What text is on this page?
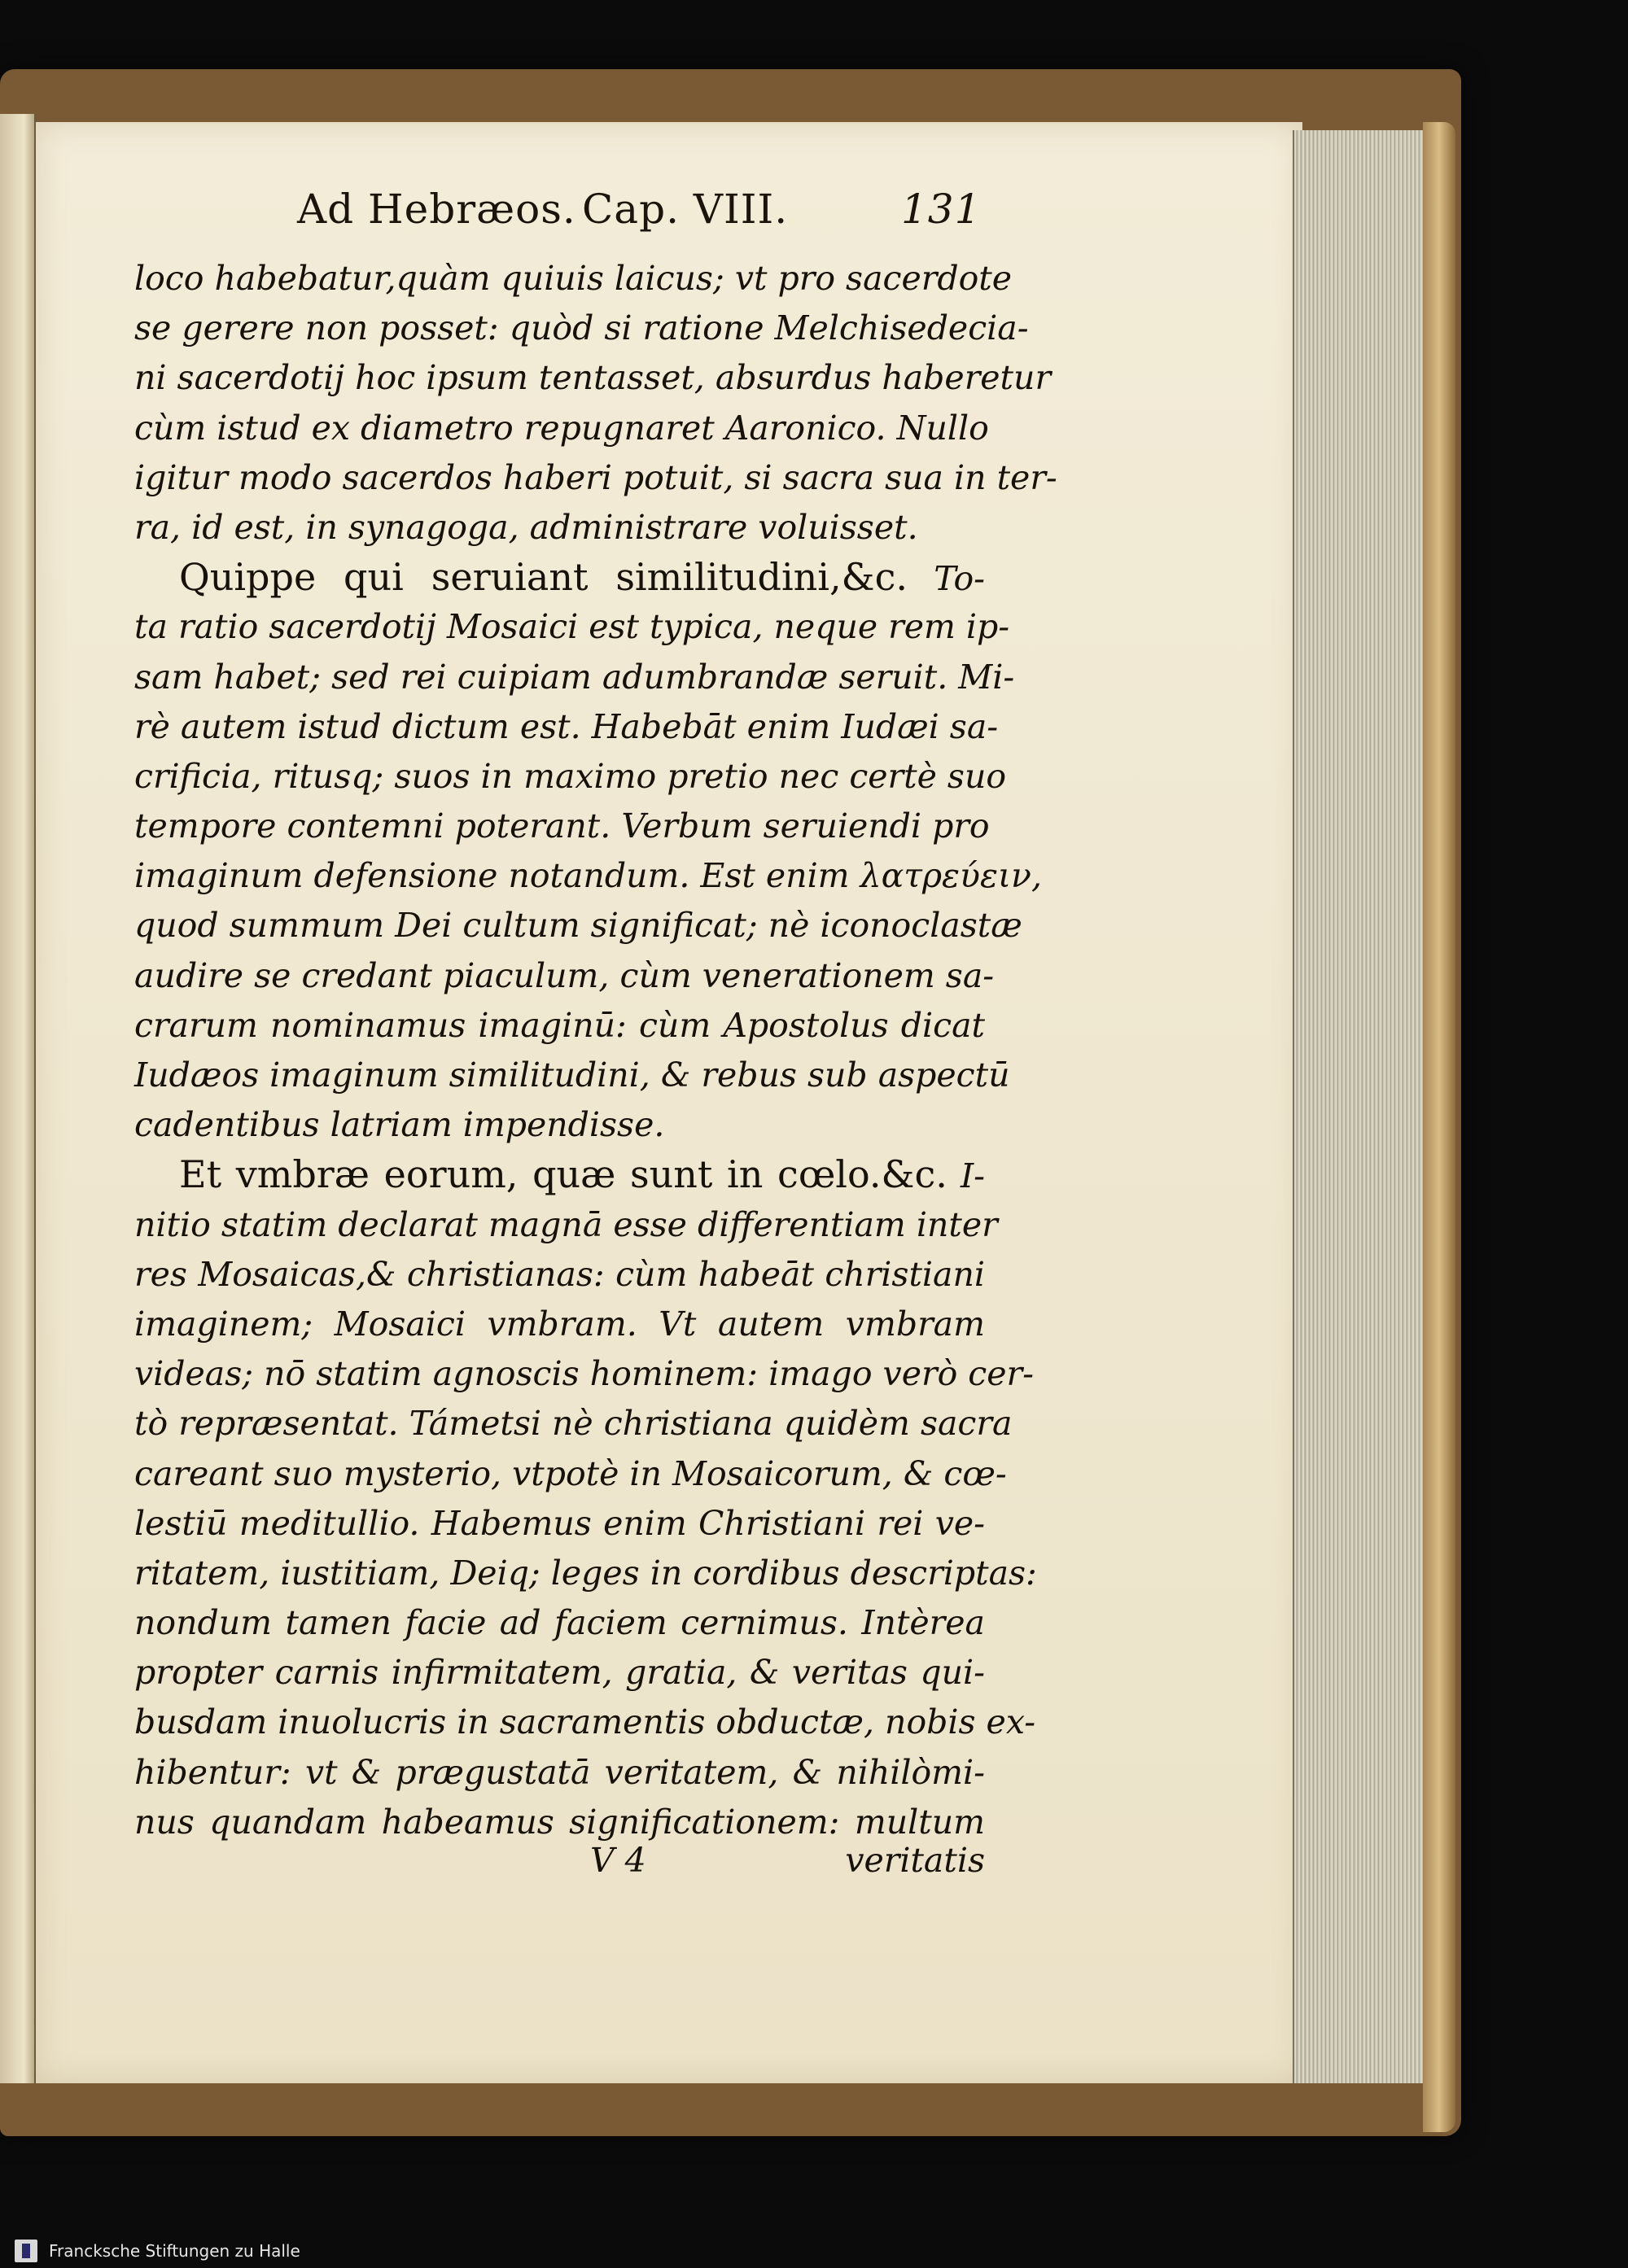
Ad Hebræos. Cap. VIII.	131
loco habebatur,quàm quiuis laicus; vt pro sacerdote
se gerere non posset: quòd si ratione Melchisedecia-
ni sacerdotij hoc ipsum tentasset, absurdus haberetur
cùm istud ex diametro repugnaret Aaronico. Nullo
igitur modo sacerdos haberi potuit, si sacra sua in ter-
ra, id est, in synagoga, administrare voluisset.
Quippe qui seruiant similitudini,&c. To-
ta ratio sacerdotij Mosaici est typica, neque rem ip-
sam habet; sed rei cuipiam adumbrandæ seruit. Mi-
rè autem istud dictum est. Habebāt enim Iudæi sa-
crificia, ritusq; suos in maximo pretio nec certè suo
tempore contemni poterant. Verbum seruiendi pro
imaginum defensione notandum. Est enim λατρεύειν,
quod summum Dei cultum significat; nè iconoclastæ
audire se credant piaculum, cùm venerationem sa-
crarum nominamus imaginū: cùm Apostolus dicat
Iudæos imaginum similitudini, & rebus sub aspectū
cadentibus latriam impendisse.
Et vmbræ eorum, quæ sunt in cœlo.&c. I-
nitio statim declarat magnā esse differentiam inter
res Mosaicas,& christianas: cùm habeāt christiani
imaginem; Mosaici vmbram. Vt autem vmbram
videas; nō statim agnoscis hominem: imago verò cer-
tò repræsentat. Támetsi nè christiana quidèm sacra
careant suo mysterio, vtpotè in Mosaicorum, & cœ-
lestiū meditullio. Habemus enim Christiani rei ve-
ritatem, iustitiam, Deiq; leges in cordibus descriptas:
nondum tamen facie ad faciem cernimus. Intèrea
propter carnis infirmitatem, gratia, & veritas qui-
busdam inuolucris in sacramentis obductæ, nobis ex-
hibentur: vt & prægustatā veritatem, & nihilòmi-
nus quandam habeamus significationem: multum
V 4	veritatis
Francksche Stiftungen zu Halle
